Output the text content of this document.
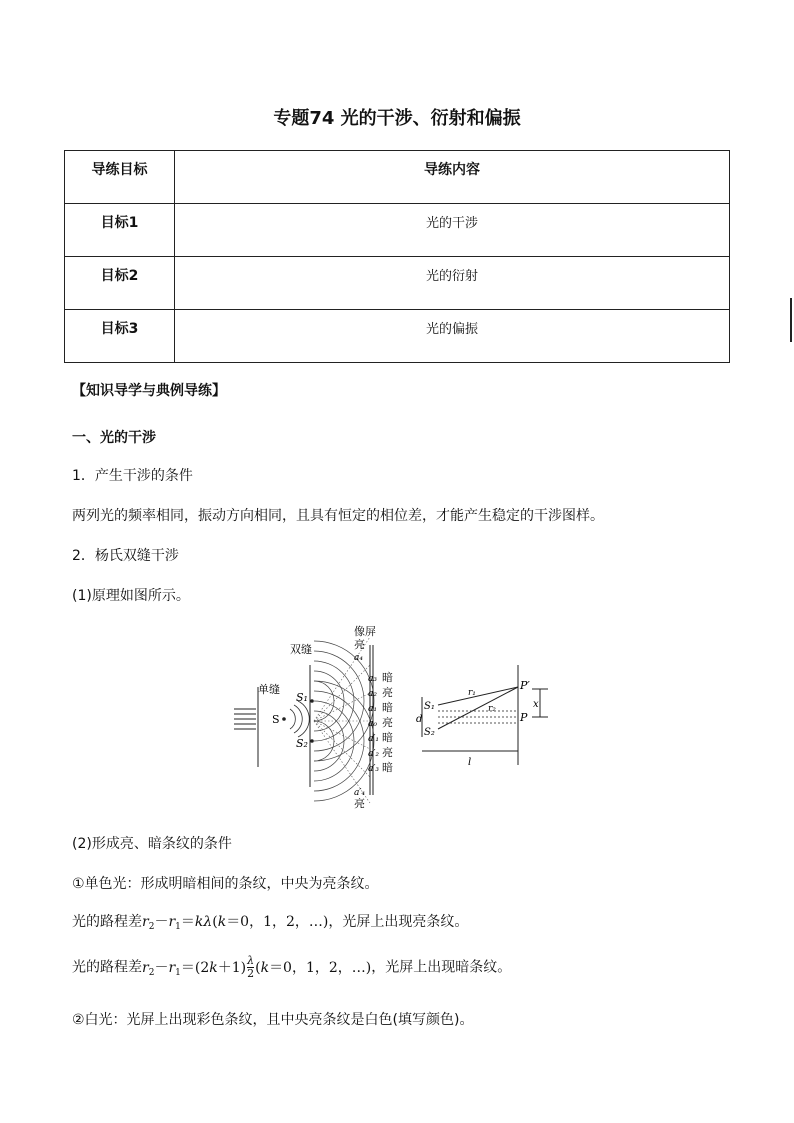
专题74 光的干涉、衍射和偏振
导练目标	导练内容
目标1	光的干涉
目标2	光的衍射
目标3	光的偏振
【知识导学与典例导练】
一、光的干涉
1．产生干涉的条件
两列光的频率相同，振动方向相同，且具有恒定的相位差，才能产生稳定的干涉图样。
2．杨氏双缝干涉
(1)原理如图所示。
S
单缝
双缝
S₁
S₂
像屏
亮
a₄
a₃ 暗
a₂ 亮
a₁ 暗
a₀ 亮
a′₁ 暗
a′₂ 亮
a′₃ 暗
a′₄
亮
S₁
S₂
d
r₁
r₂
P′
P
x
l
(2)形成亮、暗条纹的条件
①单色光：形成明暗相间的条纹，中央为亮条纹。
光的路程差$r_2-r_1=k\lambda(k=0$，1，2，…)，光屏上出现亮条纹。
光的路程差$r_2-r_1=(2k+1) \frac{\lambda}{2} (k=0$，1，2，…)，光屏上出现暗条纹。
②白光：光屏上出现彩色条纹，且中央亮条纹是白色(填写颜色)。
